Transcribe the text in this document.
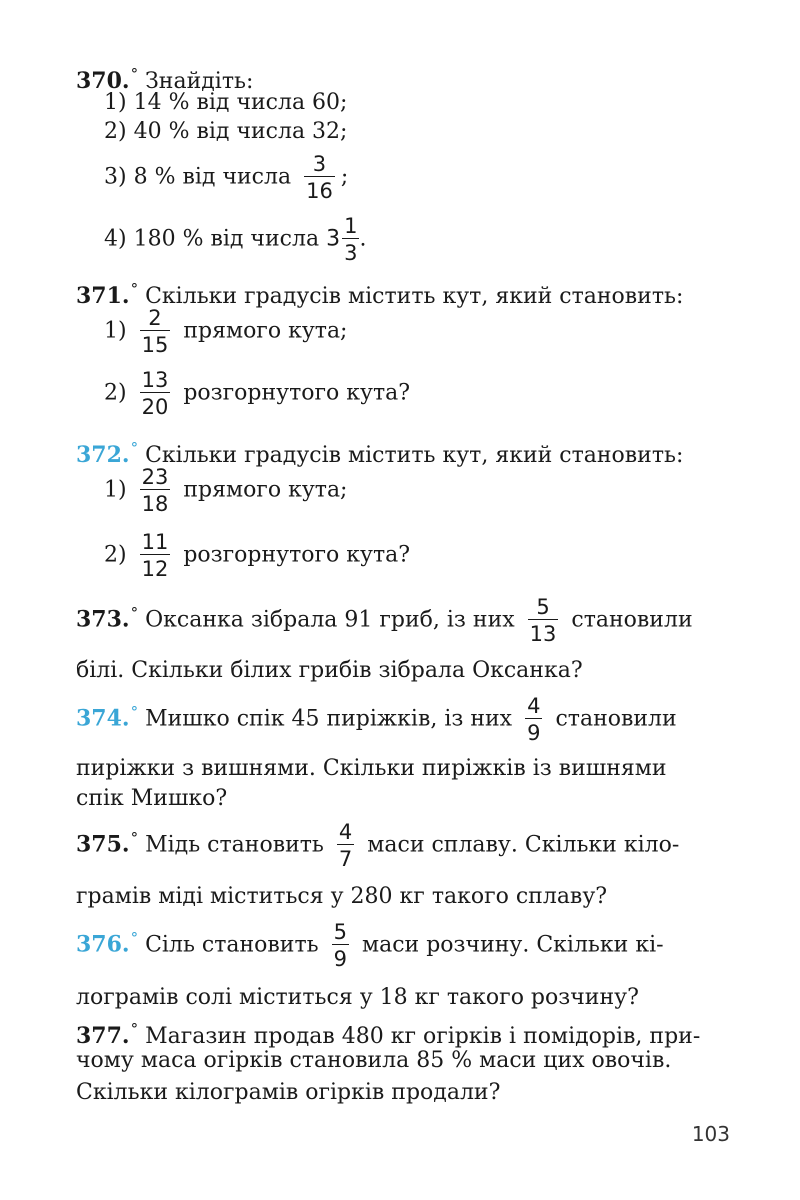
370.° Знайдіть:
1) 14 % від числа 60;
2) 40 % від числа 32;
3) 8 % від числа $\frac{3}{16}$ ;
4) 180 % від числа $3 \frac{1}{3}$ .
371.° Скільки градусів містить кут, який становить:
$1) \frac{2}{15}$ прямого кута;
$2) \frac{13}{20}$ розгорнутого кута?
372.° Скільки градусів містить кут, який становить:
$1) \frac{23}{18}$ прямого кута;
$2) \frac{11}{12}$ розгорнутого кута?
373.° Оксанка зібрала 91 гриб, із них $\frac{5}{13}$ становили
білі. Скільки білих грибів зібрала Оксанка?
374.° Мишко спік 45 пиріжків, із них $\frac{4}{9}$ становили
пиріжки з вишнями. Скільки пиріжків із вишнями
спік Мишко?
375.° Мідь становить $\frac{4}{7}$ маси сплаву. Скільки кіло-
грамів міді міститься у 280 кг такого сплаву?
376.° Сіль становить $\frac{5}{9}$ маси розчину. Скільки кі-
лограмів солі міститься у 18 кг такого розчину?
377.° Магазин продав 480 кг огірків і помідорів, при-
чому маса огірків становила 85 % маси цих овочів.
Скільки кілограмів огірків продали?
103
